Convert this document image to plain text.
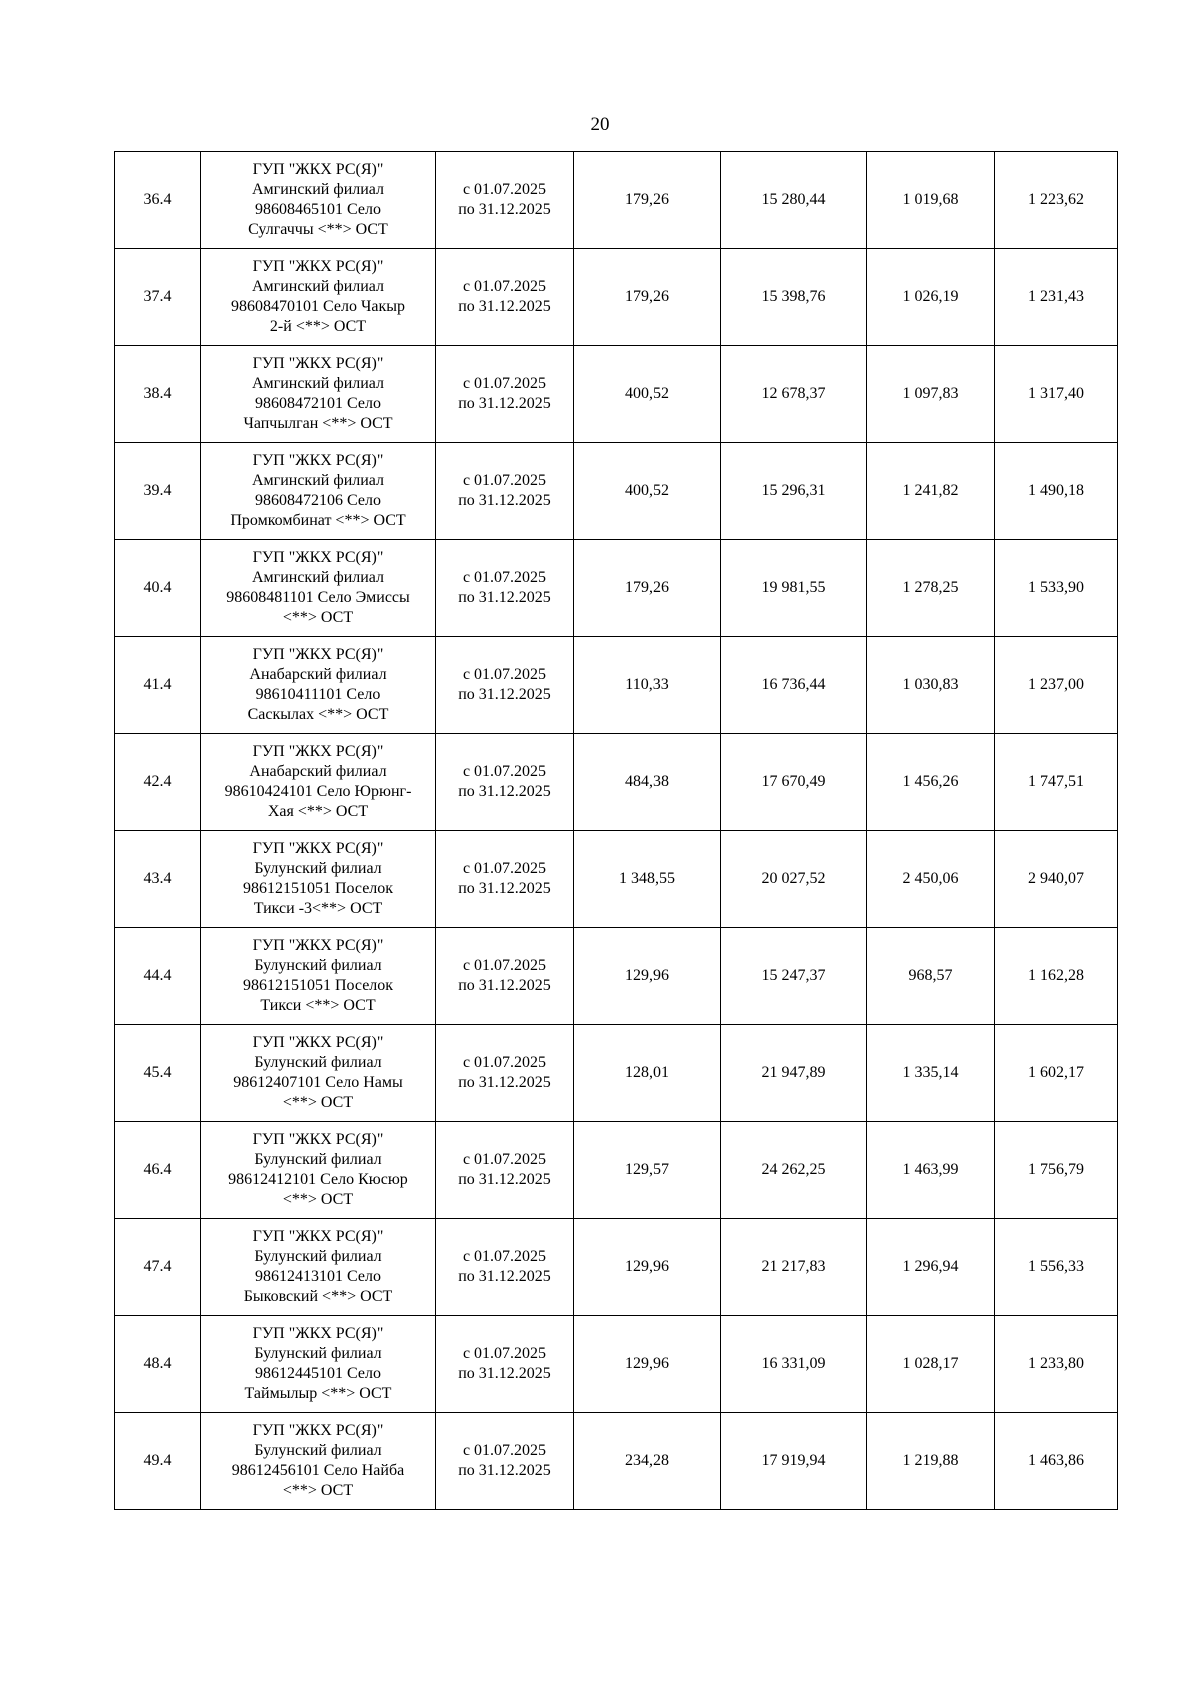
20
36.4	ГУП "ЖКХ РС(Я)"
Амгинский филиал
98608465101 Село
Сулгаччы <**> ОСТ	с 01.07.2025
по 31.12.2025	179,26	15 280,44	1 019,68	1 223,62
37.4	ГУП "ЖКХ РС(Я)"
Амгинский филиал
98608470101 Село Чакыр
2-й <**> ОСТ	с 01.07.2025
по 31.12.2025	179,26	15 398,76	1 026,19	1 231,43
38.4	ГУП "ЖКХ РС(Я)"
Амгинский филиал
98608472101 Село
Чапчылган <**> ОСТ	с 01.07.2025
по 31.12.2025	400,52	12 678,37	1 097,83	1 317,40
39.4	ГУП "ЖКХ РС(Я)"
Амгинский филиал
98608472106 Село
Промкомбинат <**> ОСТ	с 01.07.2025
по 31.12.2025	400,52	15 296,31	1 241,82	1 490,18
40.4	ГУП "ЖКХ РС(Я)"
Амгинский филиал
98608481101 Село Эмиссы
<**> ОСТ	с 01.07.2025
по 31.12.2025	179,26	19 981,55	1 278,25	1 533,90
41.4	ГУП "ЖКХ РС(Я)"
Анабарский филиал
98610411101 Село
Саскылах <**> ОСТ	с 01.07.2025
по 31.12.2025	110,33	16 736,44	1 030,83	1 237,00
42.4	ГУП "ЖКХ РС(Я)"
Анабарский филиал
98610424101 Село Юрюнг-
Хая <**> ОСТ	с 01.07.2025
по 31.12.2025	484,38	17 670,49	1 456,26	1 747,51
43.4	ГУП "ЖКХ РС(Я)"
Булунский филиал
98612151051 Поселок
Тикси -3<**> ОСТ	с 01.07.2025
по 31.12.2025	1 348,55	20 027,52	2 450,06	2 940,07
44.4	ГУП "ЖКХ РС(Я)"
Булунский филиал
98612151051 Поселок
Тикси <**> ОСТ	с 01.07.2025
по 31.12.2025	129,96	15 247,37	968,57	1 162,28
45.4	ГУП "ЖКХ РС(Я)"
Булунский филиал
98612407101 Село Намы
<**> ОСТ	с 01.07.2025
по 31.12.2025	128,01	21 947,89	1 335,14	1 602,17
46.4	ГУП "ЖКХ РС(Я)"
Булунский филиал
98612412101 Село Кюсюр
<**> ОСТ	с 01.07.2025
по 31.12.2025	129,57	24 262,25	1 463,99	1 756,79
47.4	ГУП "ЖКХ РС(Я)"
Булунский филиал
98612413101 Село
Быковский <**> ОСТ	с 01.07.2025
по 31.12.2025	129,96	21 217,83	1 296,94	1 556,33
48.4	ГУП "ЖКХ РС(Я)"
Булунский филиал
98612445101 Село
Таймылыр <**> ОСТ	с 01.07.2025
по 31.12.2025	129,96	16 331,09	1 028,17	1 233,80
49.4	ГУП "ЖКХ РС(Я)"
Булунский филиал
98612456101 Село Найба
<**> ОСТ	с 01.07.2025
по 31.12.2025	234,28	17 919,94	1 219,88	1 463,86
